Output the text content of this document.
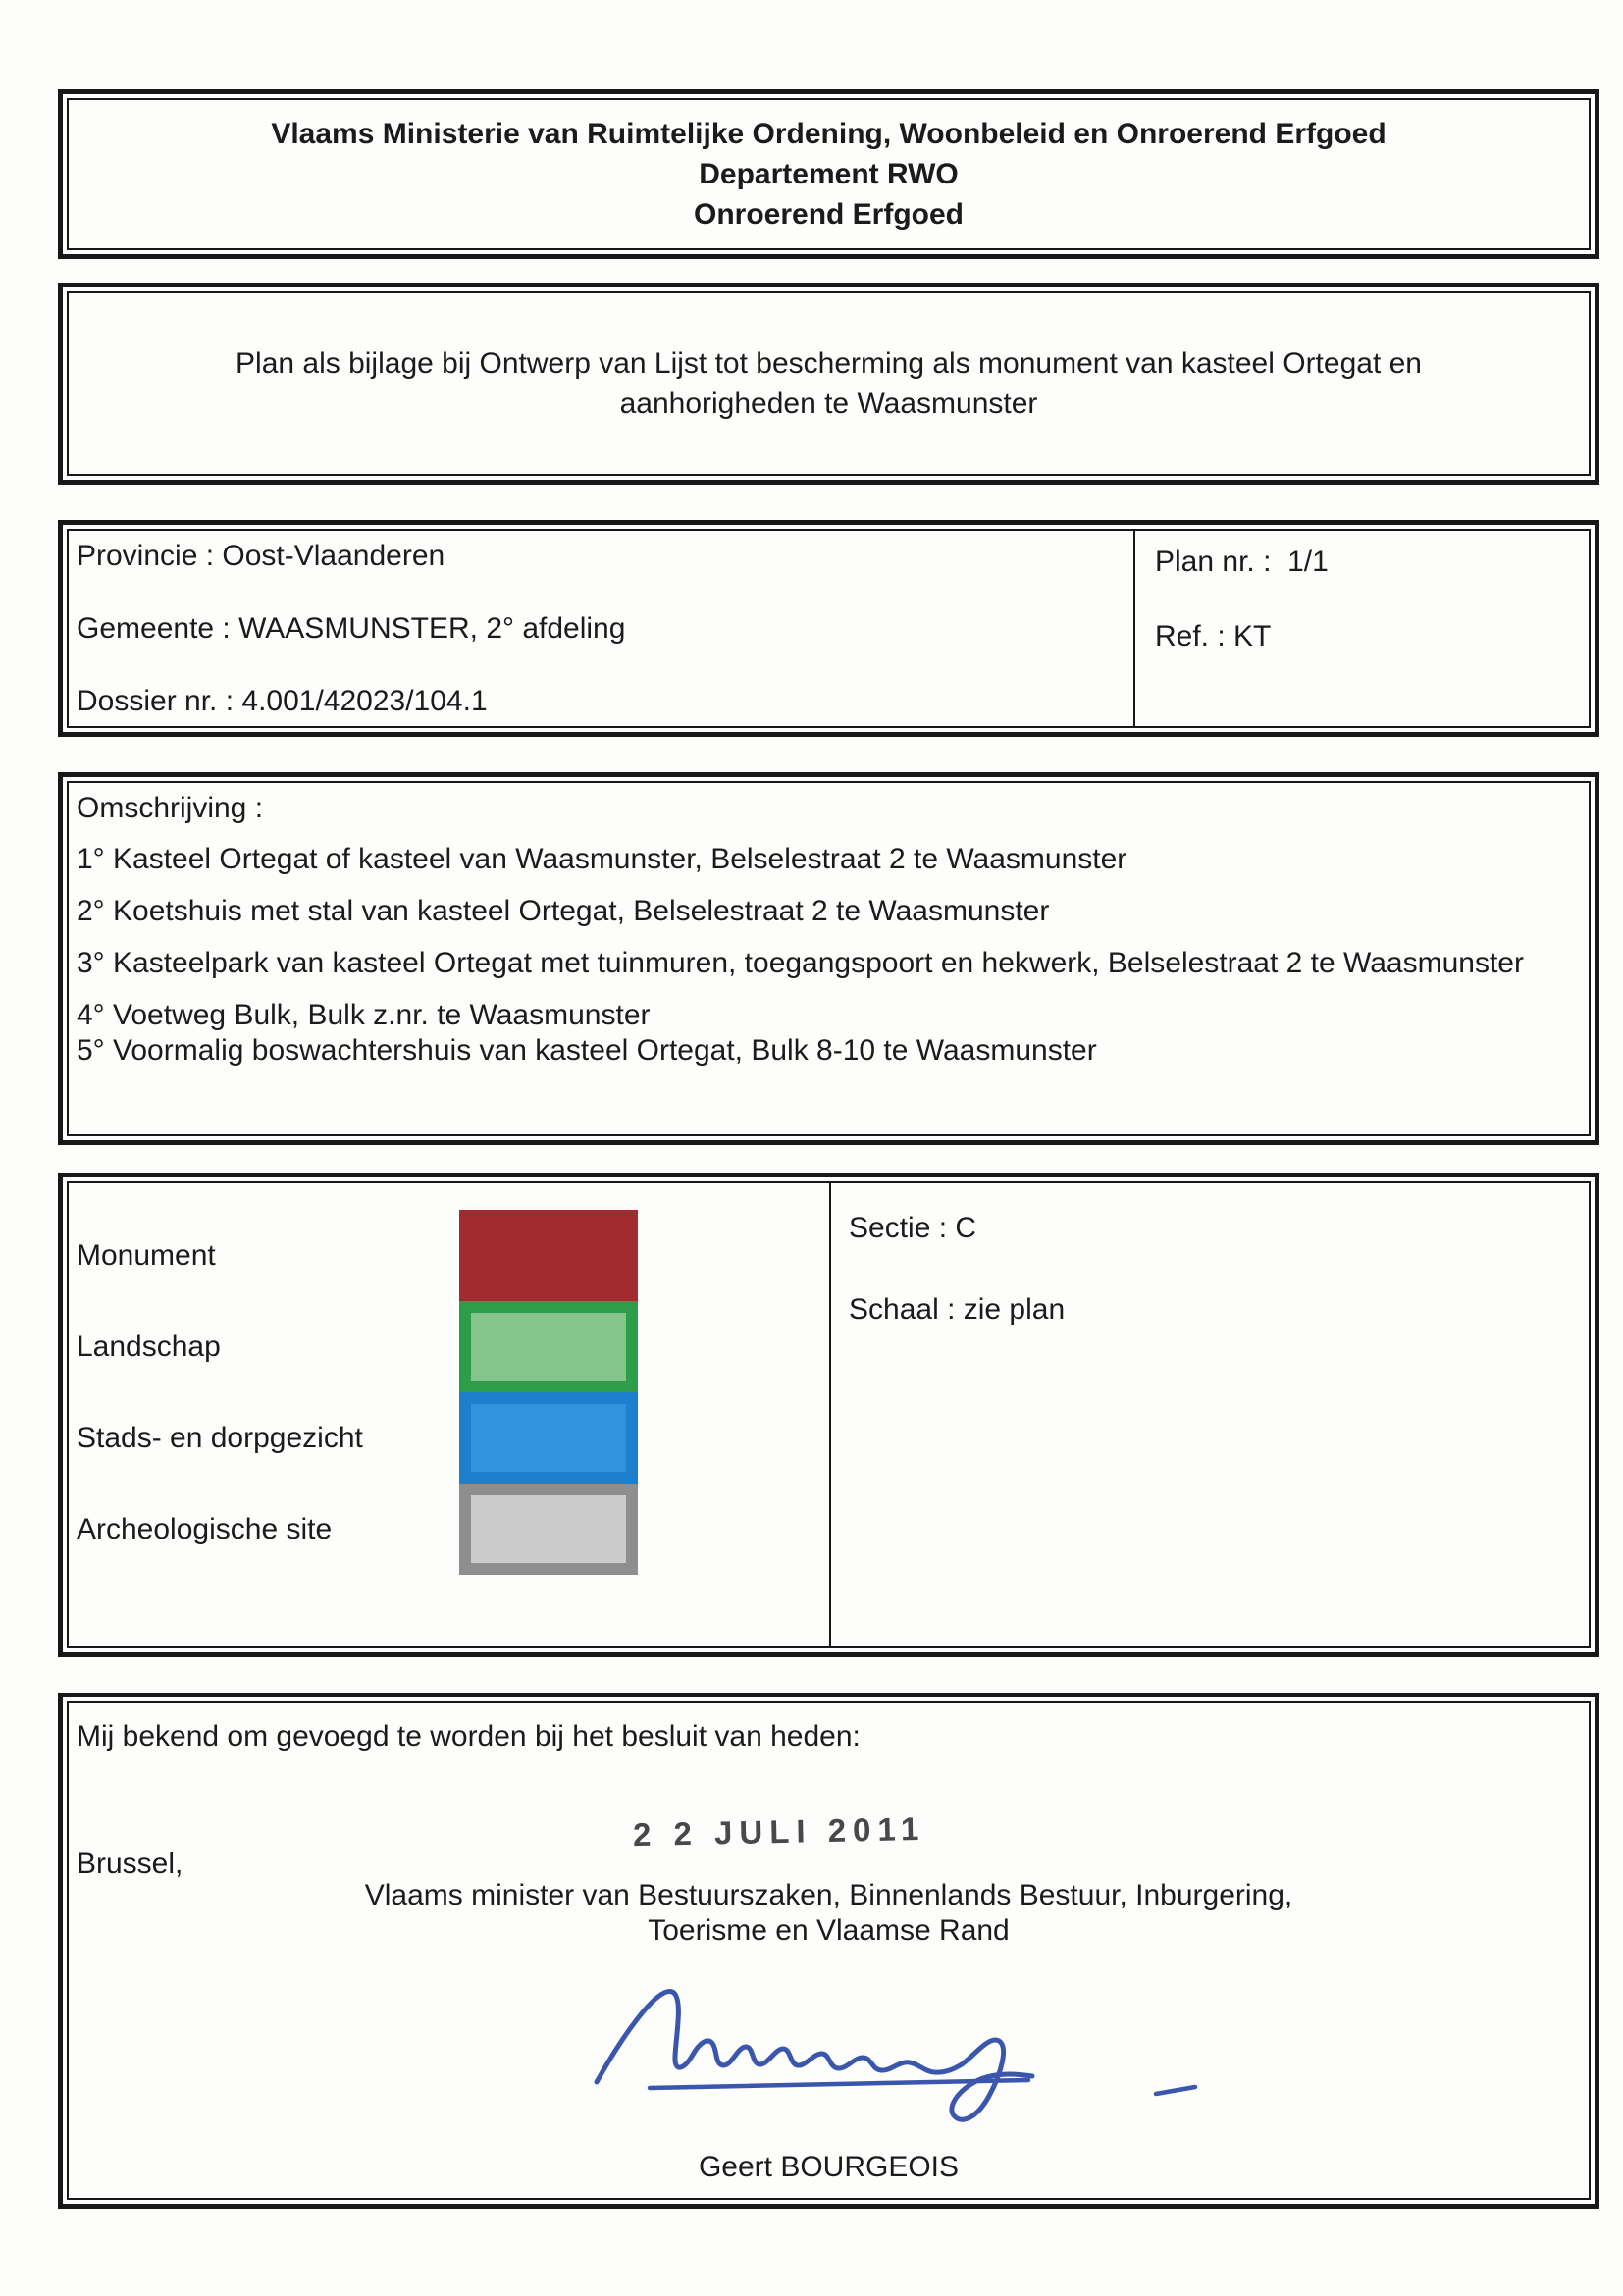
Vlaams Ministerie van Ruimtelijke Ordening, Woonbeleid en Onroerend Erfgoed
Departement RWO
Onroerend Erfgoed
Plan als bijlage bij Ontwerp van Lijst tot bescherming als monument van kasteel Ortegat en
aanhorigheden te Waasmunster
Provincie : Oost-Vlaanderen
Gemeente : WAASMUNSTER, 2° afdeling
Dossier nr. : 4.001/42023/104.1
Plan nr. :  1/1
Ref. : KT
Omschrijving :
1° Kasteel Ortegat of kasteel van Waasmunster, Belselestraat 2 te Waasmunster
2° Koetshuis met stal van kasteel Ortegat, Belselestraat 2 te Waasmunster
3° Kasteelpark van kasteel Ortegat met tuinmuren, toegangspoort en hekwerk, Belselestraat 2 te Waasmunster
4° Voetweg Bulk, Bulk z.nr. te Waasmunster
5° Voormalig boswachtershuis van kasteel Ortegat, Bulk 8-10 te Waasmunster
Monument
Landschap
Stads- en dorpgezicht
Archeologische site
Sectie : C
Schaal : zie plan
Mij bekend om gevoegd te worden bij het besluit van heden:
2 2 JULI 2011
Brussel,
Vlaams minister van Bestuurszaken, Binnenlands Bestuur, Inburgering,
Toerisme en Vlaamse Rand
Geert BOURGEOIS
